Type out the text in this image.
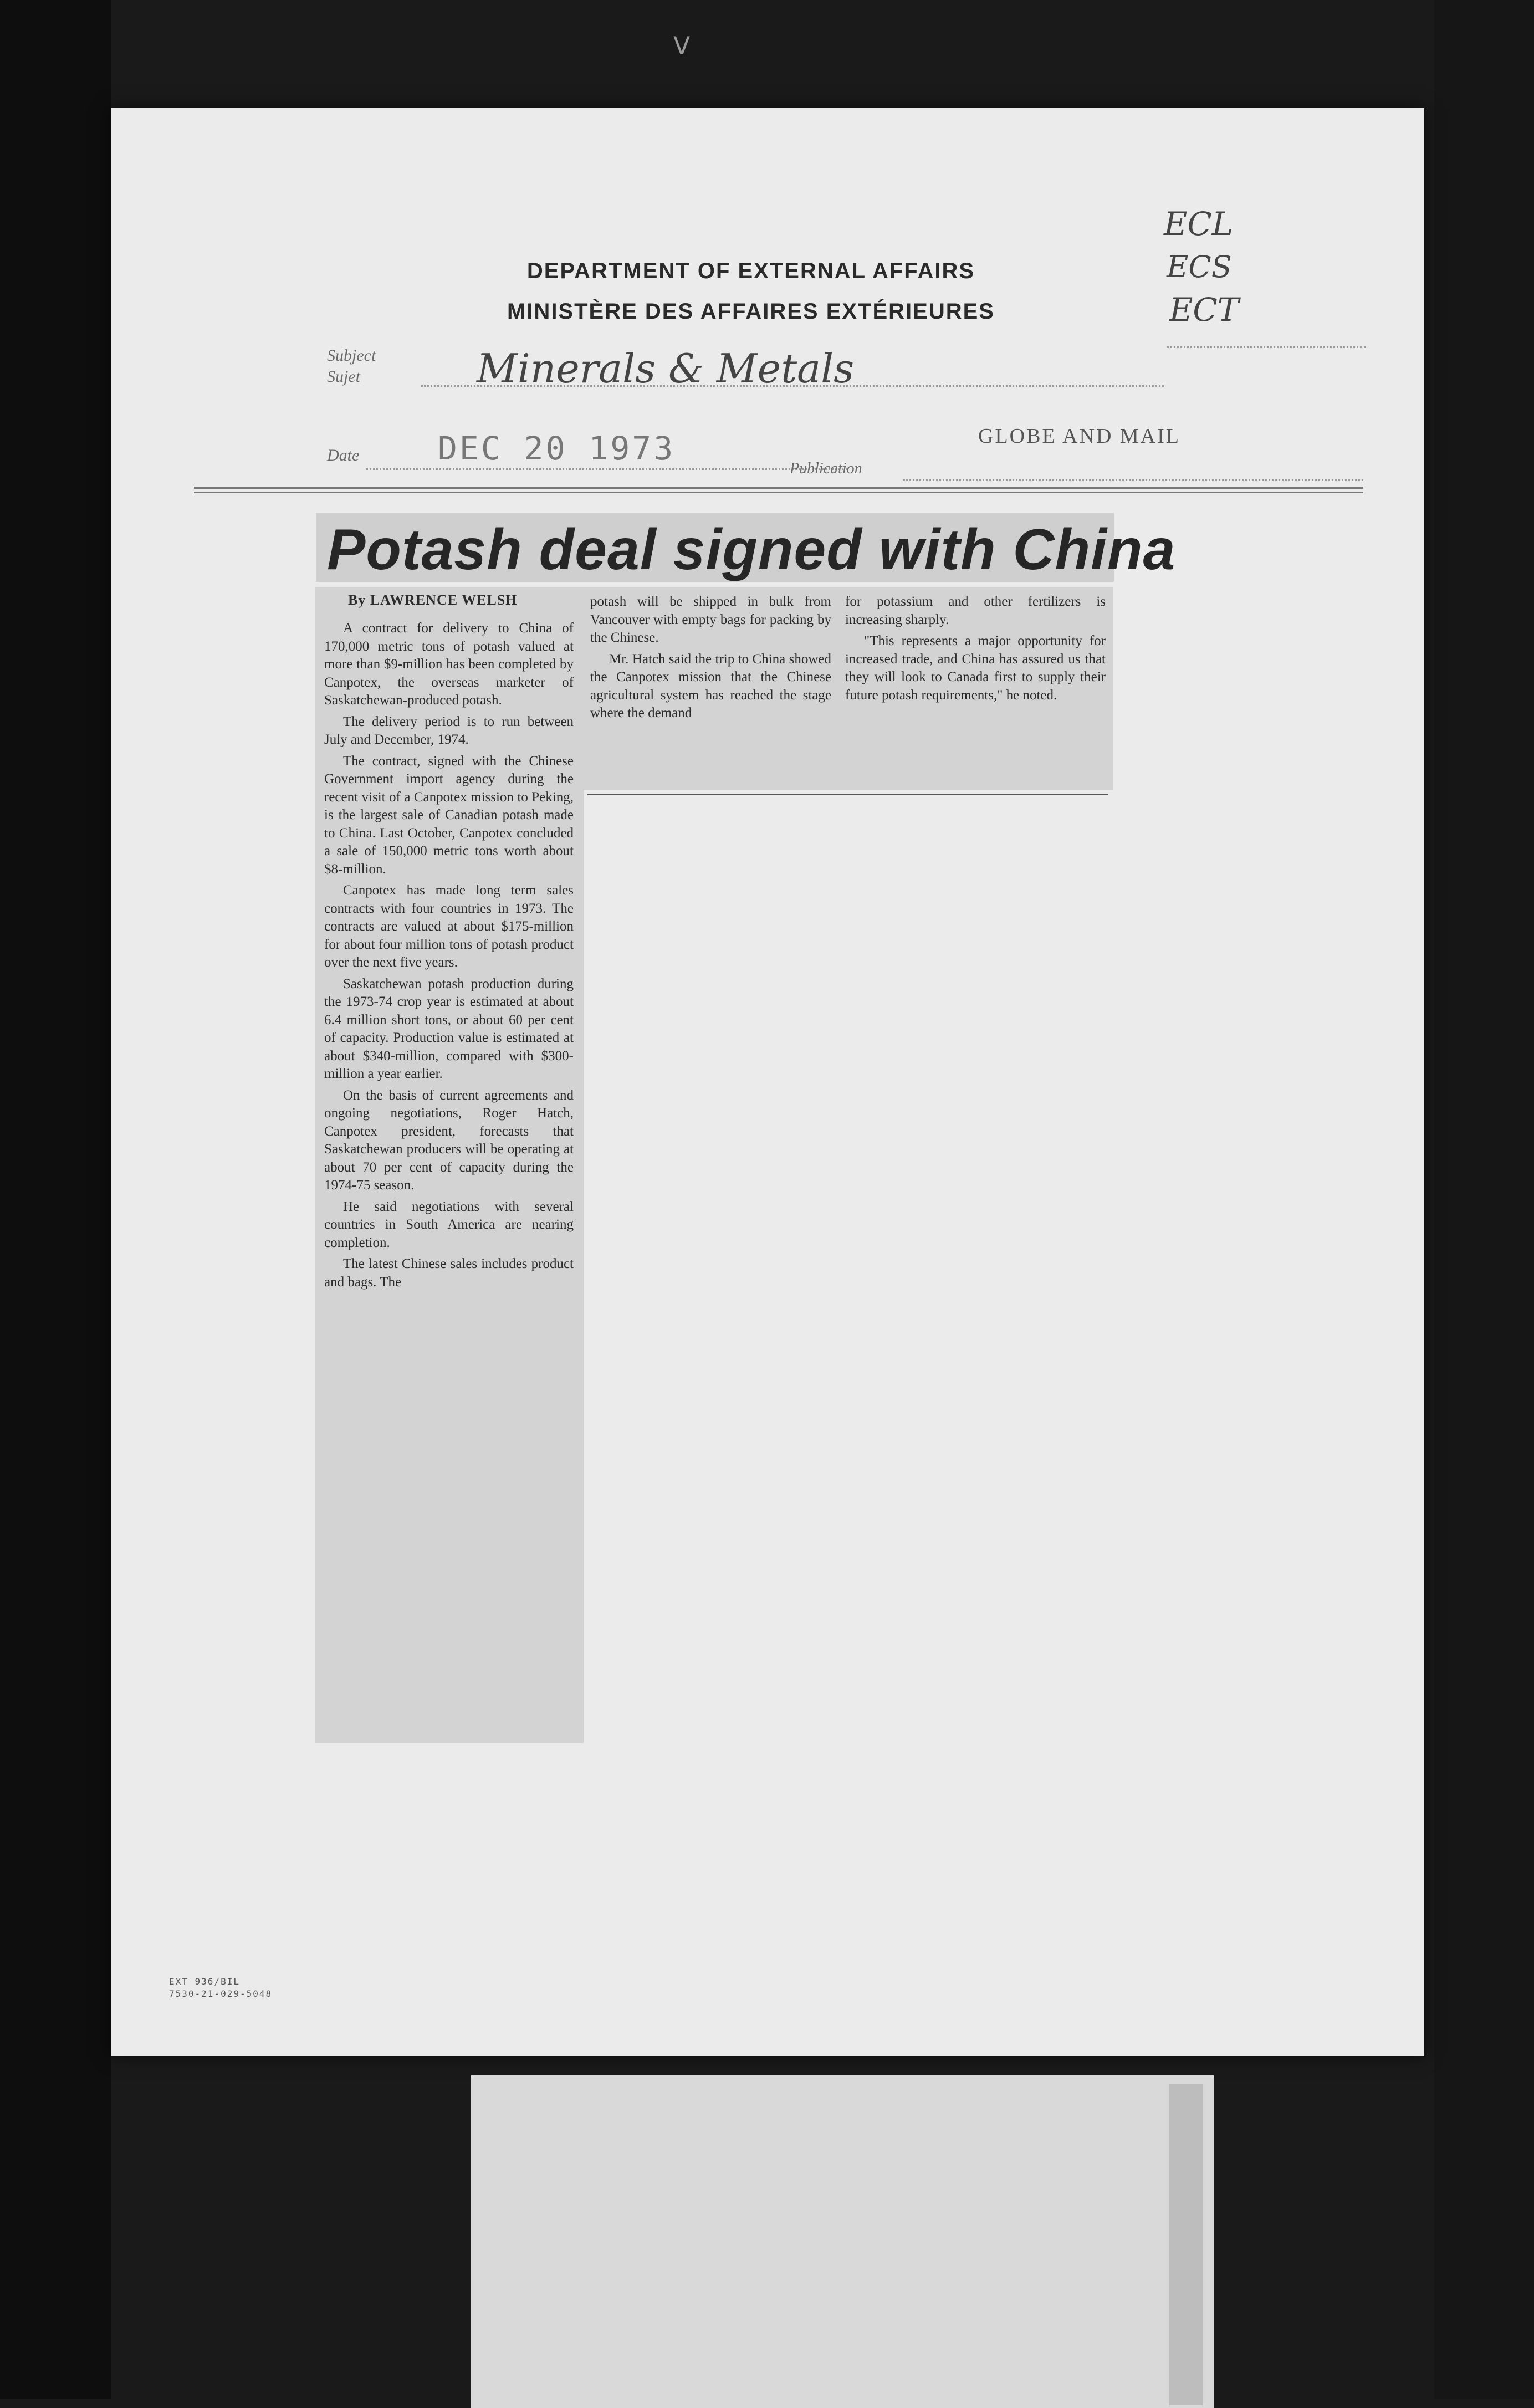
ᐯ
DEPARTMENT OF EXTERNAL AFFAIRS
MINISTÈRE DES AFFAIRES EXTÉRIEURES
ECL
ECS
ECT
Subject
Sujet	Minerals & Metals
Date DEC 20 1973
Publication
GLOBE AND MAIL
EXT 936/BIL
7530-21-029-5048
Potash deal signed with China
By LAWRENCE WELSH

A contract for delivery to China of 170,000 metric tons of potash valued at more than $9-million has been completed by Canpotex, the overseas marketer of Saskatchewan-produced potash.

The delivery period is to run between July and December, 1974.

The contract, signed with the Chinese Government import agency during the recent visit of a Canpotex mission to Peking, is the largest sale of Canadian potash made to China. Last October, Canpotex concluded a sale of 150,000 metric tons worth about $8-million.

Canpotex has made long term sales contracts with four countries in 1973. The contracts are valued at about $175-million for about four million tons of potash product over the next five years.

Saskatchewan potash production during the 1973-74 crop year is estimated at about 6.4 million short tons, or about 60 per cent of capacity. Production value is estimated at about $340-million, compared with $300-million a year earlier.

On the basis of current agreements and ongoing negotiations, Roger Hatch, Canpotex president, forecasts that Saskatchewan producers will be operating at about 70 per cent of capacity during the 1974-75 season.

He said negotiations with several countries in South America are nearing completion.

The latest Chinese sales includes product and bags. The

potash will be shipped in bulk from Vancouver with empty bags for packing by the Chinese.

Mr. Hatch said the trip to China showed the Canpotex mission that the Chinese agricultural system has reached the stage where the demand

for potassium and other fertilizers is increasing sharply.

"This represents a major opportunity for increased trade, and China has assured us that they will look to Canada first to supply their future potash requirements," he noted.
